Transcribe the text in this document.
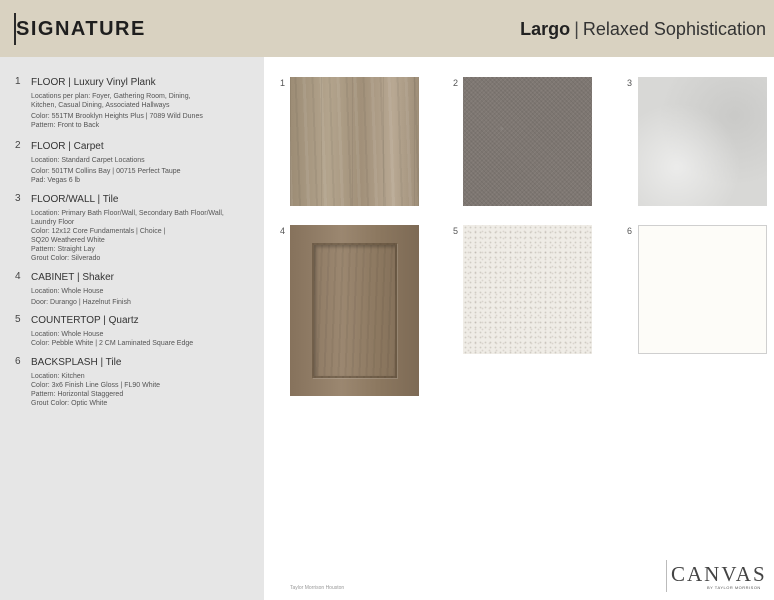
SIGNATURE	Largo | Relaxed Sophistication
1 FLOOR | Luxury Vinyl Plank
Locations per plan: Foyer, Gathering Room, Dining,
Kitchen, Casual Dining, Associated Hallways
Color: 551TM Brooklyn Heights Plus | 7089 Wild Dunes
Pattern: Front to Back
2 FLOOR | Carpet
Location: Standard Carpet Locations
Color: 501TM Collins Bay | 00715 Perfect Taupe
Pad: Vegas 6 lb
3 FLOOR/WALL | Tile
Location: Primary Bath Floor/Wall, Secondary Bath Floor/Wall,
Laundry Floor
Color: 12x12 Core Fundamentals | Choice |
SQ20 Weathered White
Pattern: Straight Lay
Grout Color: Silverado
4 CABINET | Shaker
Location: Whole House
Door: Durango | Hazelnut Finish
5 COUNTERTOP | Quartz
Location: Whole House
Color: Pebble White | 2 CM Laminated Square Edge
6 BACKSPLASH | Tile
Location: Kitchen
Color: 3x6 Finish Line Gloss | FL90 White
Pattern: Horizontal Staggered
Grout Color: Optic White
1	2	3
4	5	6
Taylor Morrison Houston
CANVAS
BY TAYLOR MORRISON
